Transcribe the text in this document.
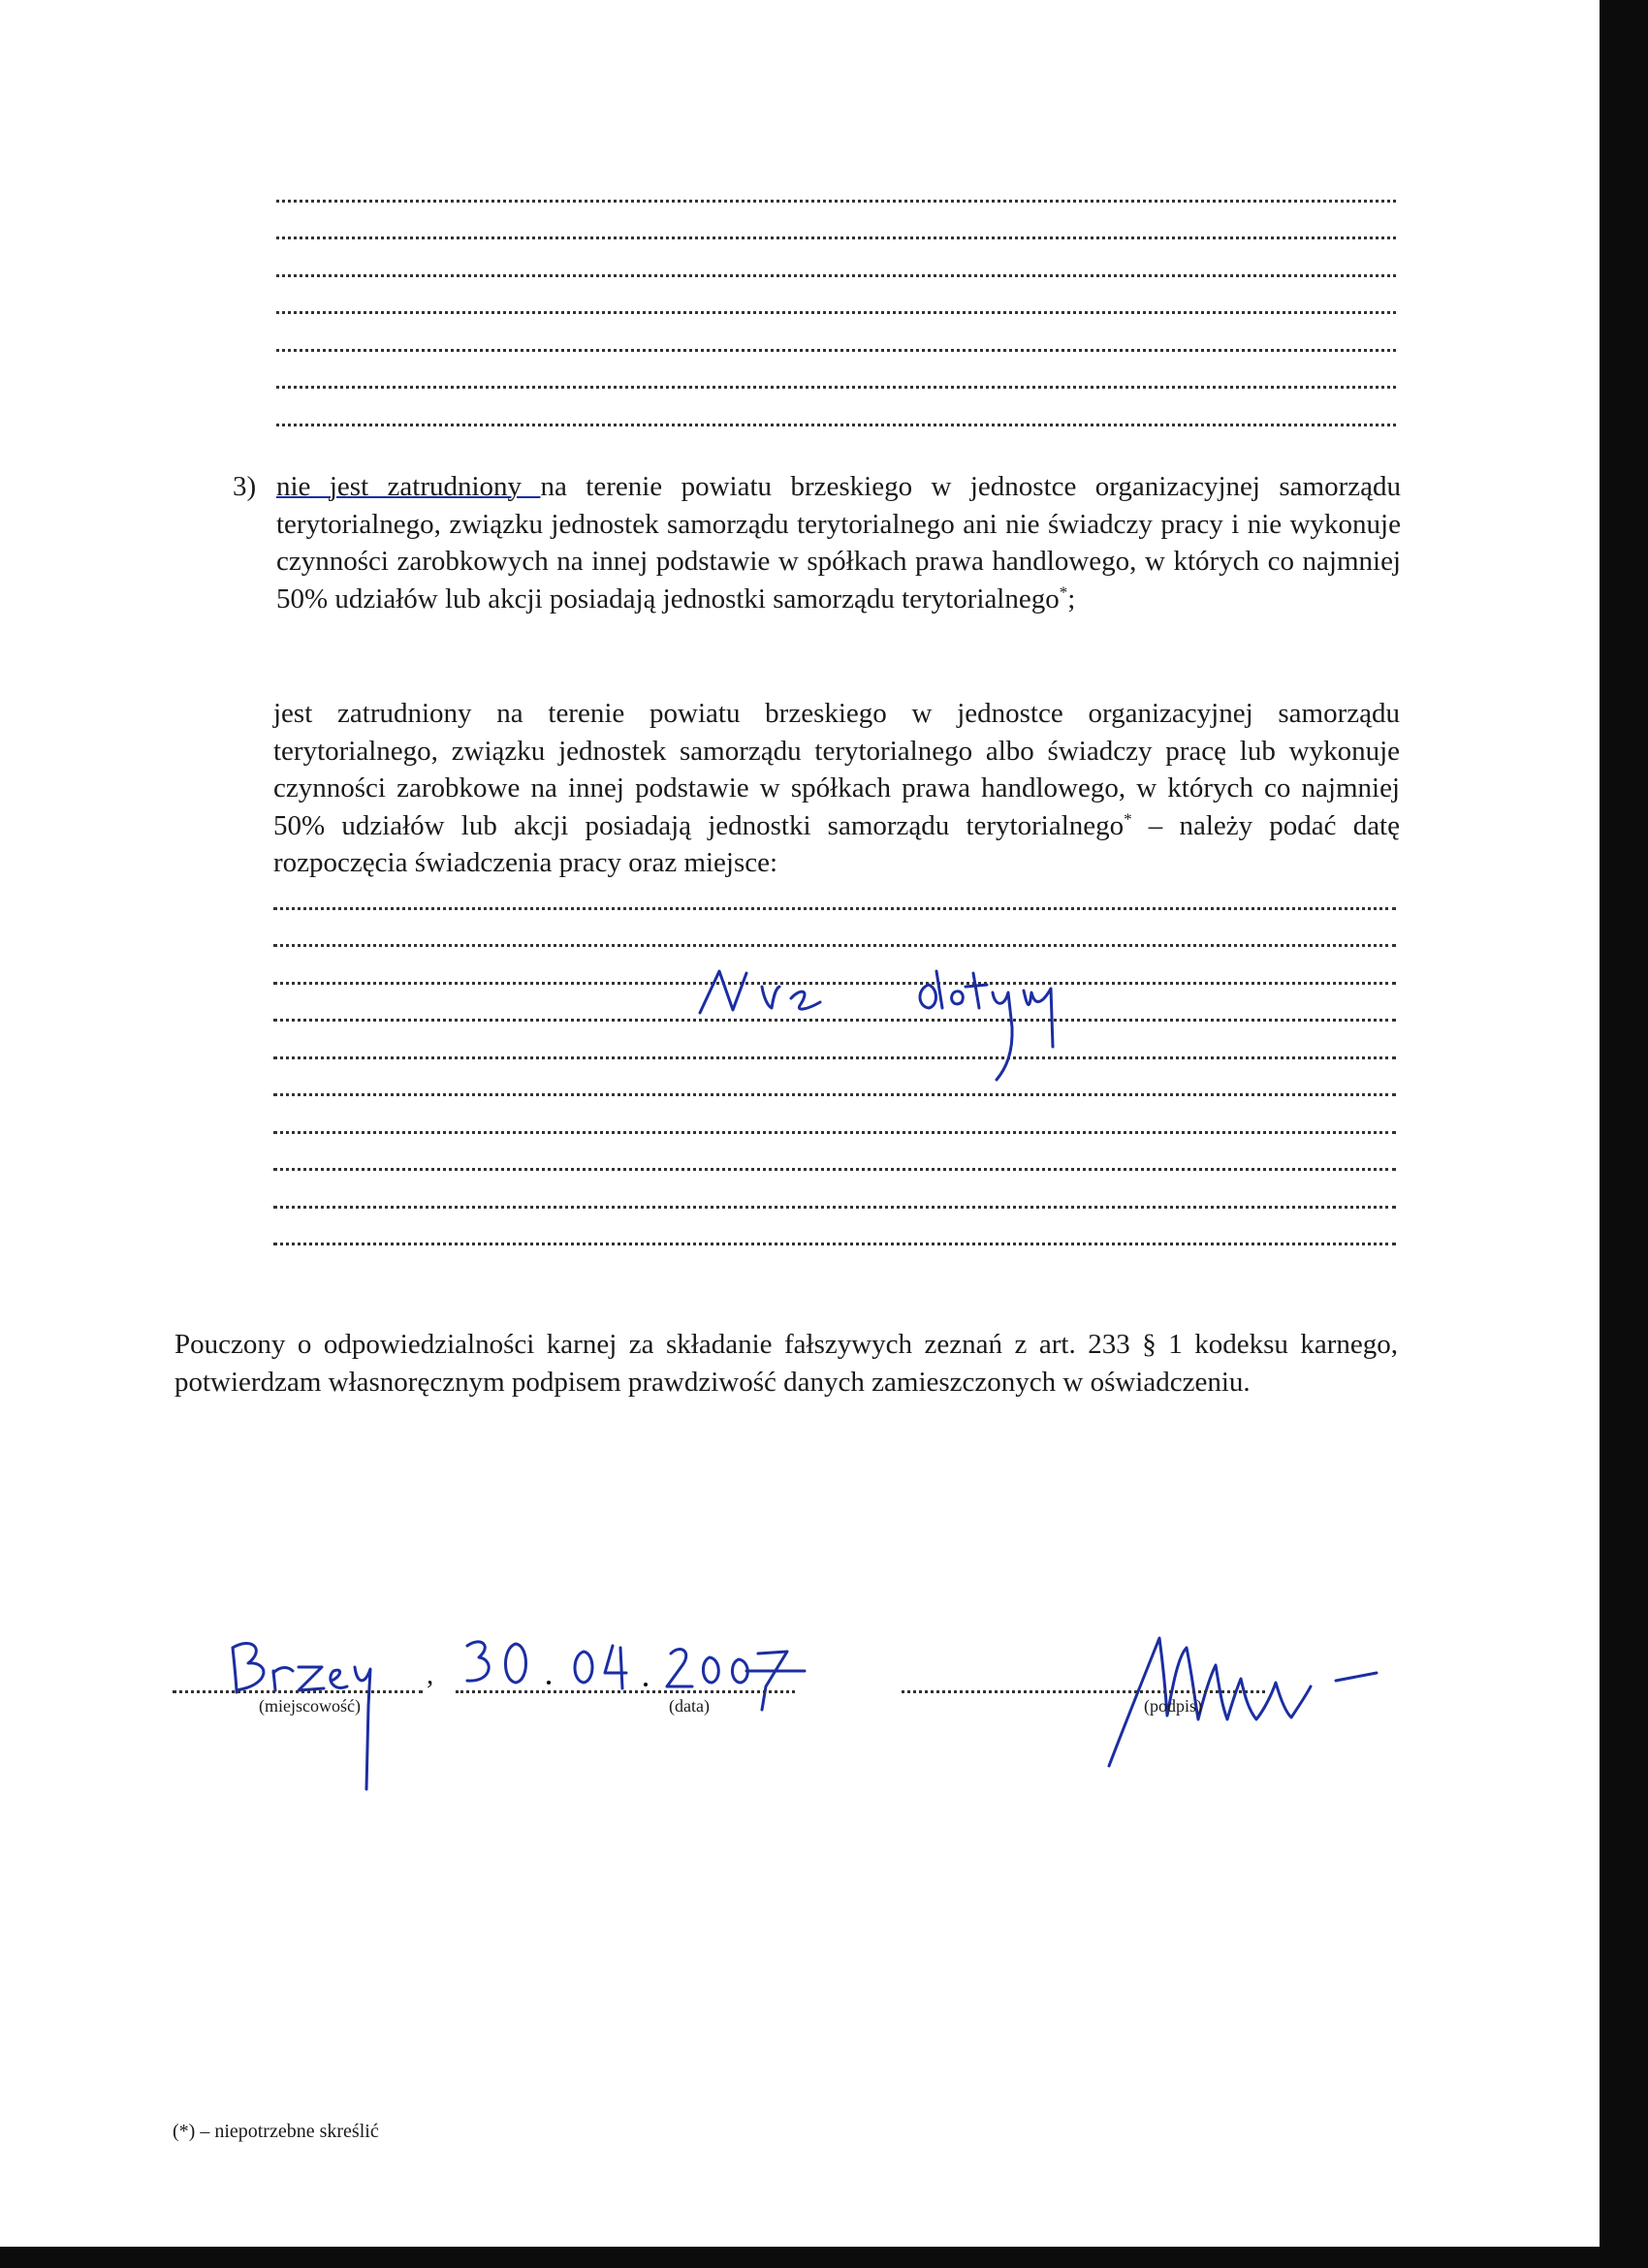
3) nie jest zatrudniony na terenie powiatu brzeskiego w jednostce organizacyjnej samorządu terytorialnego, związku jednostek samorządu terytorialnego ani nie świadczy pracy i nie wykonuje czynności zarobkowych na innej podstawie w spółkach prawa handlowego, w których co najmniej 50% udziałów lub akcji posiadają jednostki samorządu terytorialnego*;

jest zatrudniony na terenie powiatu brzeskiego w jednostce organizacyjnej samorządu terytorialnego, związku jednostek samorządu terytorialnego albo świadczy pracę lub wykonuje czynności zarobkowe na innej podstawie w spółkach prawa handlowego, w których co najmniej 50% udziałów lub akcji posiadają jednostki samorządu terytorialnego* – należy podać datę rozpoczęcia świadczenia pracy oraz miejsce:

Pouczony o odpowiedzialności karnej za składanie fałszywych zeznań z art. 233 § 1 kodeksu karnego, potwierdzam własnoręcznym podpisem prawdziwość danych zamieszczonych w oświadczeniu.

,
(miejscowość)	(data)	(podpis)
(*) – niepotrzebne skreślić
